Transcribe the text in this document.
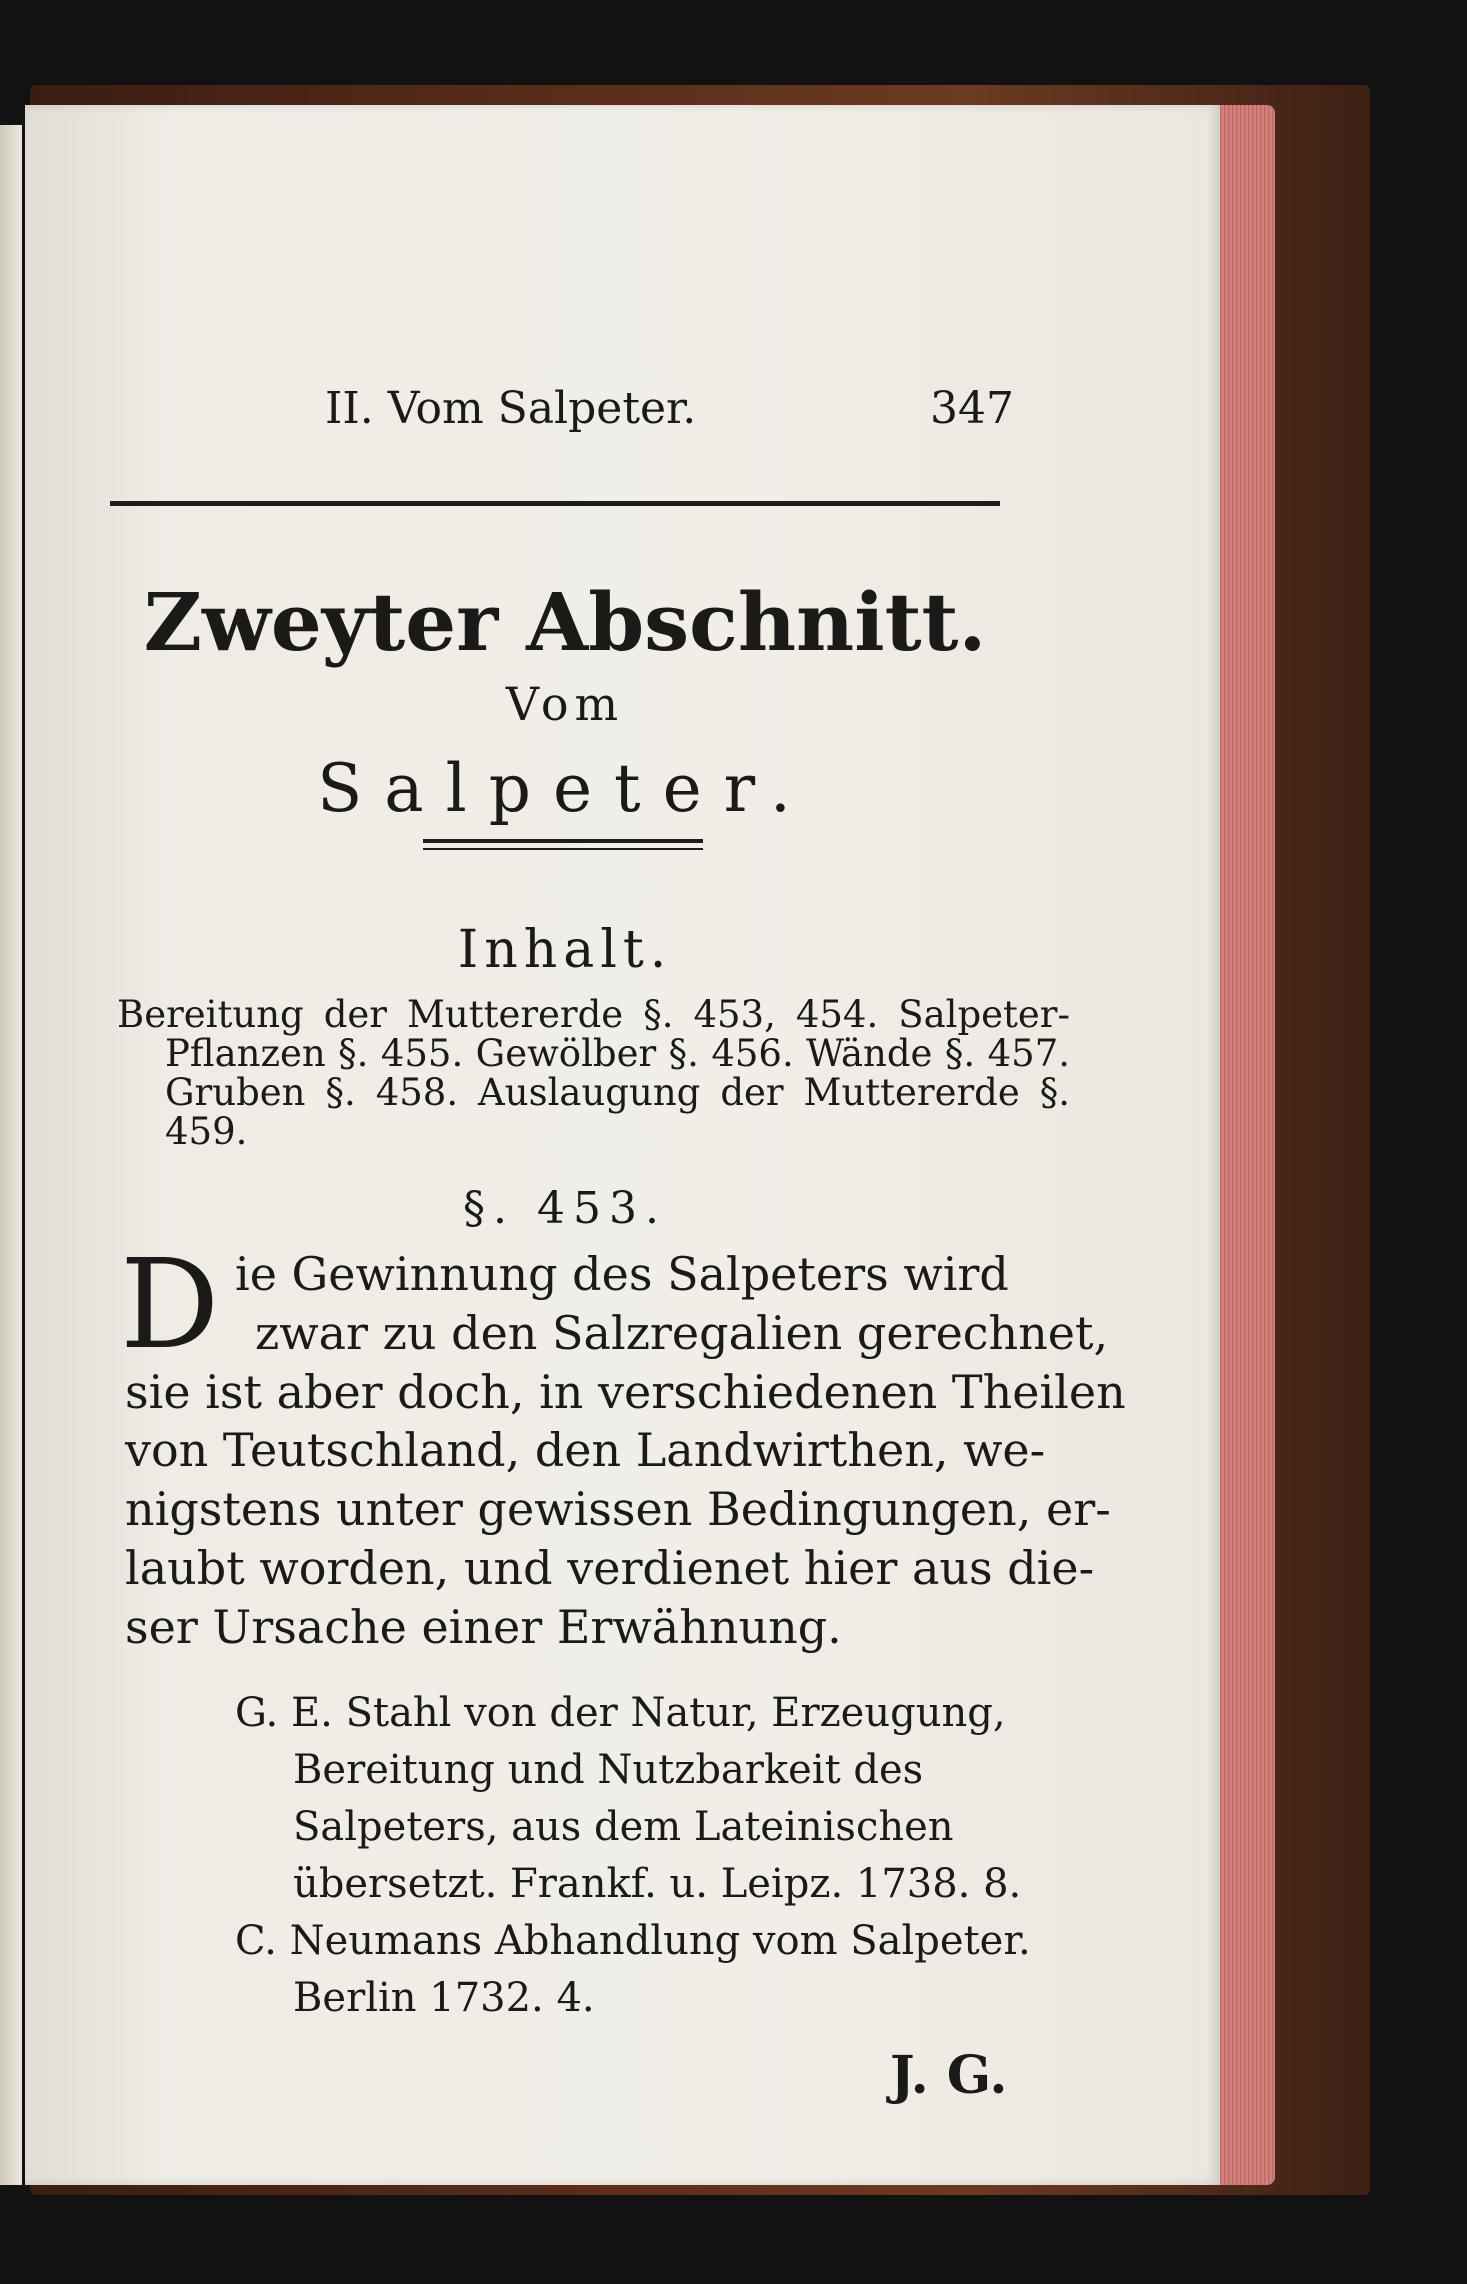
II. Vom Salpeter.	347
Zweyter Abschnitt.
Vom
Salpeter.
Inhalt.
Bereitung der Muttererde §. 453, 454. Salpeter-Pflanzen §. 455. Gewölber §. 456. Wände §. 457. Gruben §. 458. Auslaugung der Muttererde §. 459.
§. 453.
D ie Gewinnung des Salpeters wird
zwar zu den Salzregalien gerechnet,
sie ist aber doch, in verschiedenen Theilen
von Teutschland, den Landwirthen, we-
nigstens unter gewissen Bedingungen, er-
laubt worden, und verdienet hier aus die-
ser Ursache einer Erwähnung.
G. E. Stahl von der Natur, Erzeugung, Bereitung und Nutzbarkeit des Salpeters, aus dem Lateinischen übersetzt. Frankf. u. Leipz. 1738. 8.
C. Neumans Abhandlung vom Salpeter. Berlin 1732. 4.
J. G.
